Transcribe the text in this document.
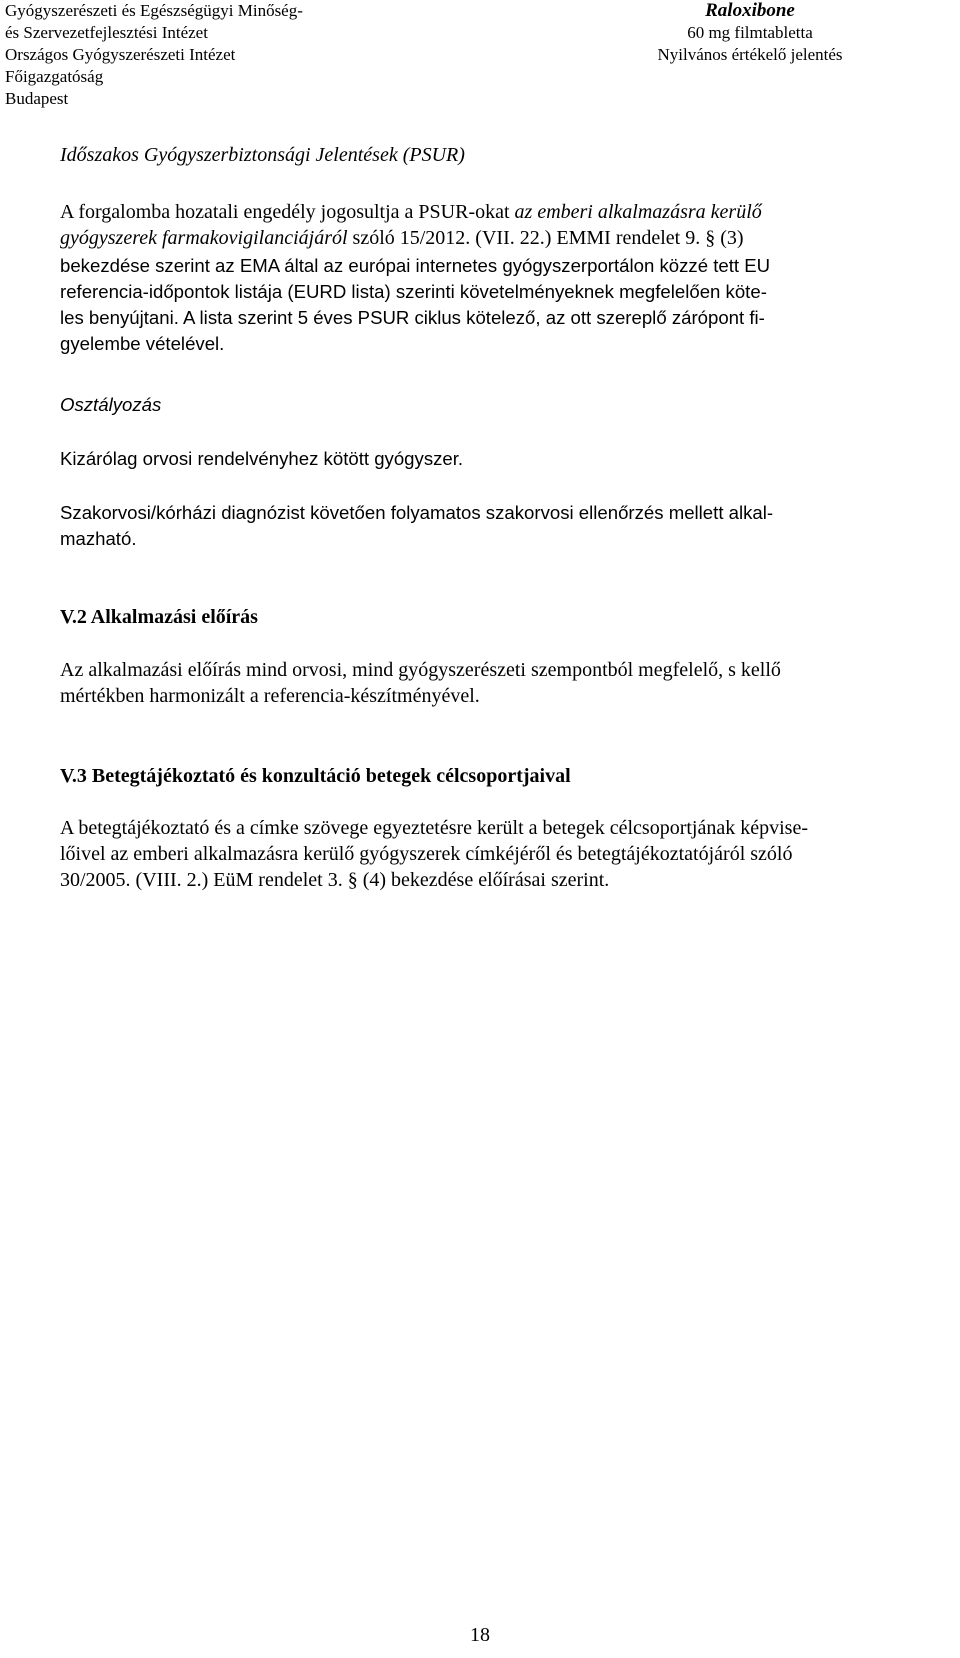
Gyógyszerészeti és Egészségügyi Minőség-
és Szervezetfejlesztési Intézet
Országos Gyógyszerészeti Intézet
Főigazgatóság
Budapest
Raloxibone
60 mg filmtabletta
Nyilvános értékelő jelentés
Időszakos Gyógyszerbiztonsági Jelentések (PSUR)
A forgalomba hozatali engedély jogosultja a PSUR-okat az emberi alkalmazásra kerülő
gyógyszerek farmakovigilanciájáról szóló 15/2012. (VII. 22.) EMMI rendelet 9. § (3)
bekezdése szerint az EMA által az európai internetes gyógyszerportálon közzé tett EU
referencia-időpontok listája (EURD lista) szerinti követelményeknek megfelelően köte-
les benyújtani. A lista szerint 5 éves PSUR ciklus kötelező, az ott szereplő zárópont fi-
gyelembe vételével.
Osztályozás
Kizárólag orvosi rendelvényhez kötött gyógyszer.
Szakorvosi/kórházi diagnózist követően folyamatos szakorvosi ellenőrzés mellett alkal-
mazható.
V.2 Alkalmazási előírás
Az alkalmazási előírás mind orvosi, mind gyógyszerészeti szempontból megfelelő, s kellő
mértékben harmonizált a referencia-készítményével.
V.3 Betegtájékoztató és konzultáció betegek célcsoportjaival
A betegtájékoztató és a címke szövege egyeztetésre került a betegek célcsoportjának képvise-
lőivel az emberi alkalmazásra kerülő gyógyszerek címkéjéről és betegtájékoztatójáról szóló
30/2005. (VIII. 2.) EüM rendelet 3. § (4) bekezdése előírásai szerint.
18
